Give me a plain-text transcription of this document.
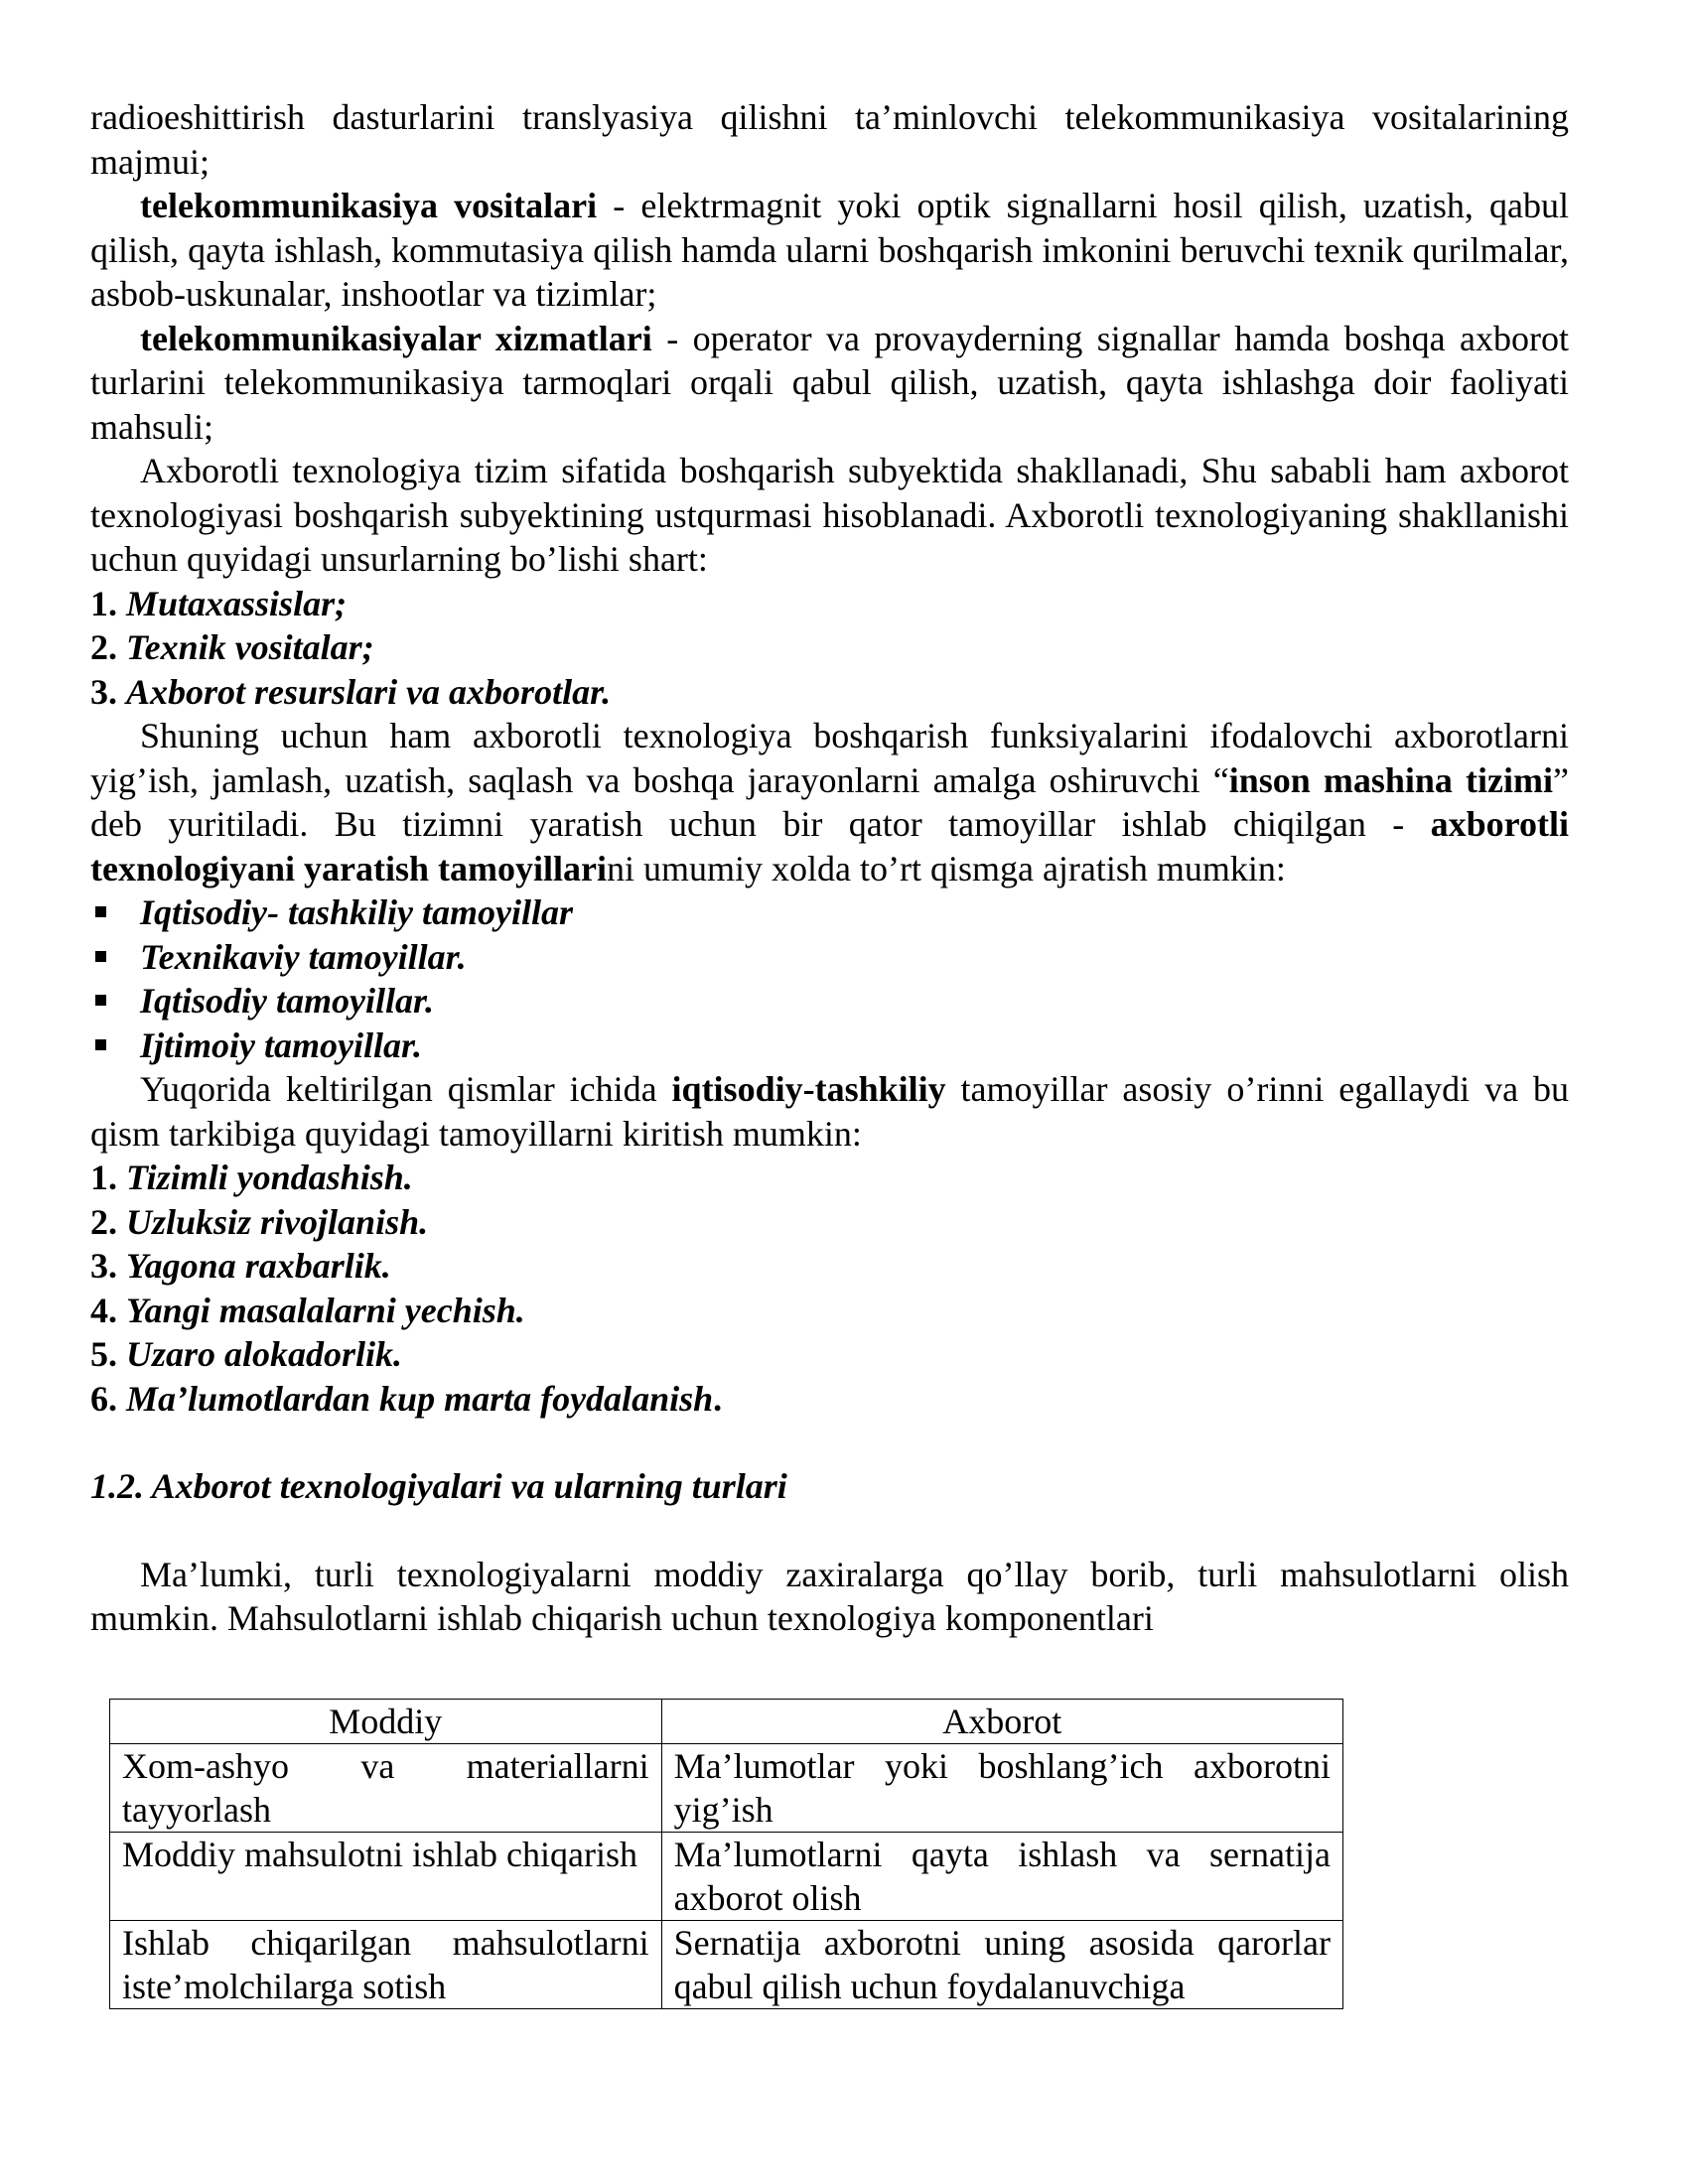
radioeshittirish dasturlarini translyasiya qilishni ta’minlovchi telekommunikasiya vositalarining majmui;

telekommunikasiya vositalari - elektrmagnit yoki optik signallarni hosil qilish, uzatish, qabul qilish, qayta ishlash, kommutasiya qilish hamda ularni boshqarish imkonini beruvchi texnik qurilmalar, asbob-uskunalar, inshootlar va tizimlar;

telekommunikasiyalar xizmatlari - operator va provayderning signallar hamda boshqa axborot turlarini telekommunikasiya tarmoqlari orqali qabul qilish, uzatish, qayta ishlashga doir faoliyati mahsuli;

Axborotli texnologiya tizim sifatida boshqarish subyektida shakllanadi, Shu sababli ham axborot texnologiyasi boshqarish subyektining ustqurmasi hisoblanadi. Axborotli texnologiyaning shakllanishi uchun quyidagi unsurlarning bo’lishi shart:

1. Mutaxassislar;
2. Texnik vositalar;
3. Axborot resurslari va axborotlar.

Shuning uchun ham axborotli texnologiya boshqarish funksiyalarini ifodalovchi axborotlarni yig’ish, jamlash, uzatish, saqlash va boshqa jarayonlarni amalga oshiruvchi “inson mashina tizimi” deb yuritiladi. Bu tizimni yaratish uchun bir qator tamoyillar ishlab chiqilgan - axborotli texnologiyani yaratish tamoyillarini umumiy xolda to’rt qismga ajratish mumkin:

Iqtisodiy- tashkiliy tamoyillar
Texnikaviy tamoyillar.
Iqtisodiy tamoyillar.
Ijtimoiy tamoyillar.

Yuqorida keltirilgan qismlar ichida iqtisodiy-tashkiliy tamoyillar asosiy o’rinni egallaydi va bu qism tarkibiga quyidagi tamoyillarni kiritish mumkin:

1. Tizimli yondashish.
2. Uzluksiz rivojlanish.
3. Yagona raxbarlik.
4. Yangi masalalarni yechish.
5. Uzaro alokadorlik.
6. Ma’lumotlardan kup marta foydalanish.
1.2. Axborot texnologiyalari va ularning turlari

Ma’lumki, turli texnologiyalarni moddiy zaxiralarga qo’llay borib, turli mahsulotlarni olish mumkin. Mahsulotlarni ishlab chiqarish uchun texnologiya komponentlari

Moddiy	Axborot
Xom-ashyo va materiallarni tayyorlash	Ma’lumotlar yoki boshlang’ich axborotni yig’ish
Moddiy mahsulotni ishlab chiqarish	Ma’lumotlarni qayta ishlash va sernatija axborot olish
Ishlab chiqarilgan mahsulotlarni iste’molchilarga sotish	Sernatija axborotni uning asosida qarorlar qabul qilish uchun foydalanuvchiga
